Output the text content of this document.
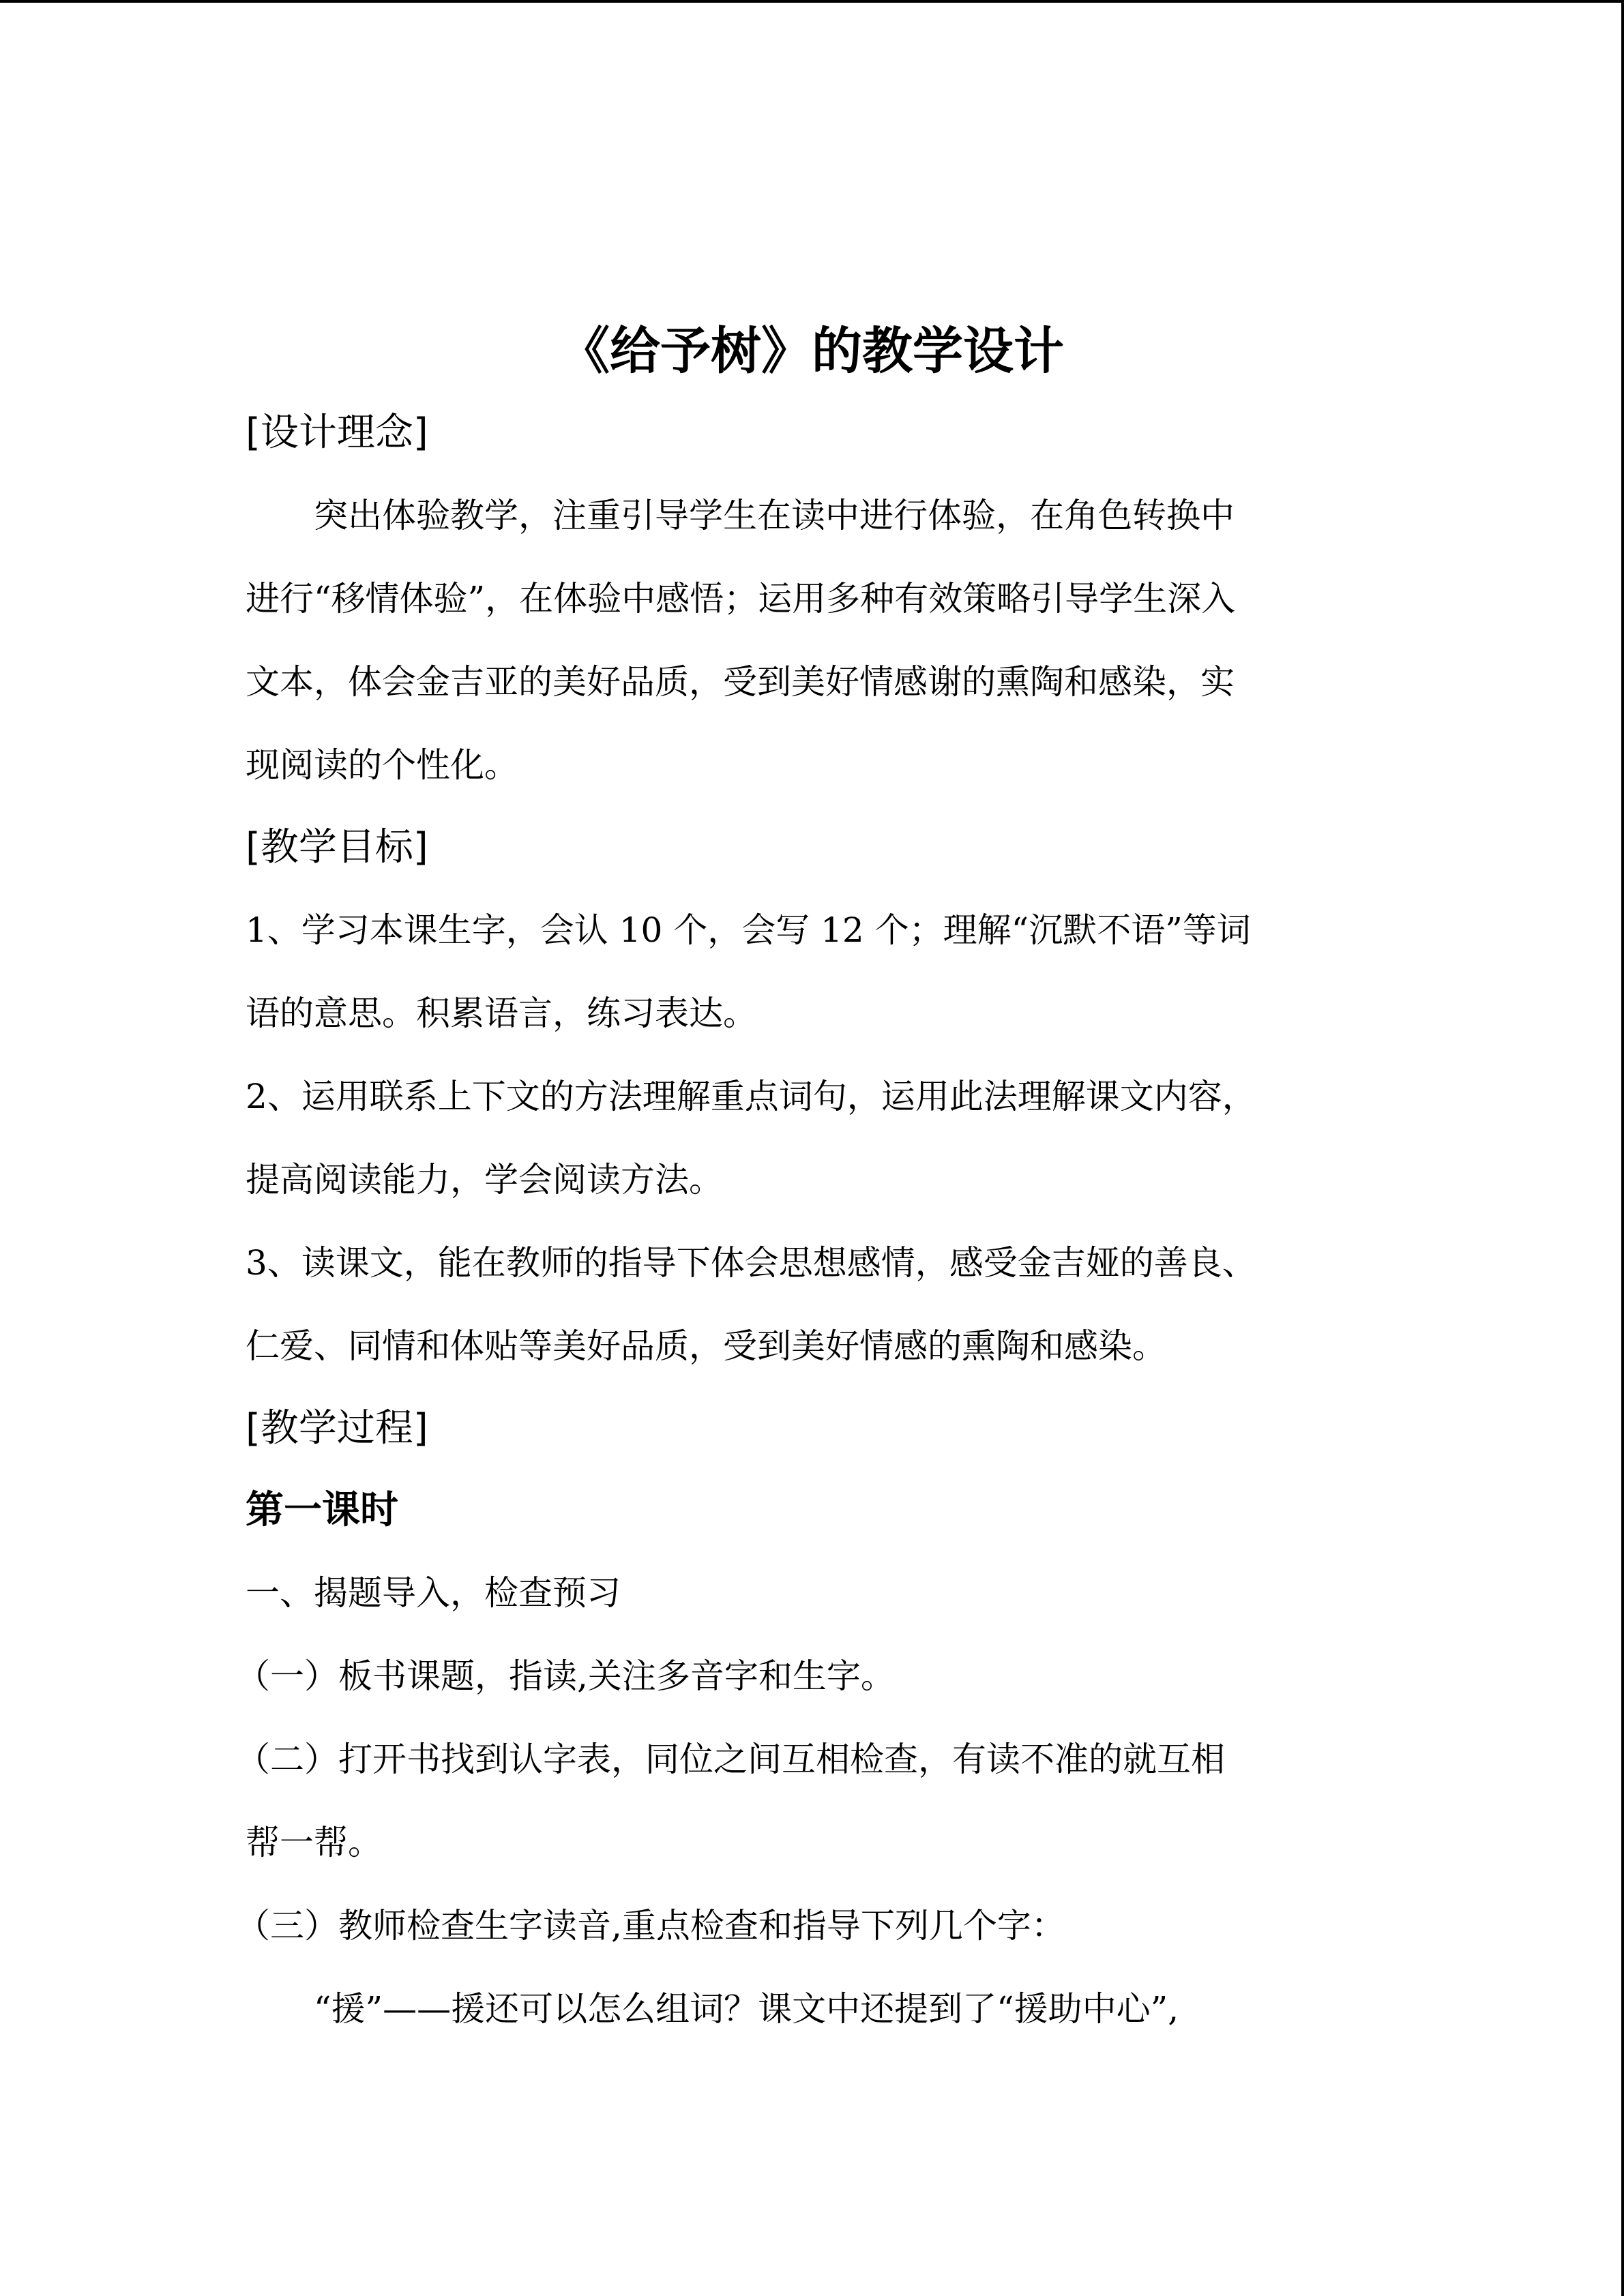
《给予树》的教学设计
[设计理念]
突出体验教学，注重引导学生在读中进行体验，在角色转换中
进行“移情体验”，在体验中感悟；运用多种有效策略引导学生深入
文本，体会金吉亚的美好品质，受到美好情感谢的熏陶和感染，实
现阅读的个性化。
[教学目标]
1、学习本课生字，会认 10 个，会写 12 个；理解“沉默不语”等词
语的意思。积累语言，练习表达。
2、运用联系上下文的方法理解重点词句，运用此法理解课文内容，
提高阅读能力，学会阅读方法。
3、读课文，能在教师的指导下体会思想感情，感受金吉娅的善良、
仁爱、同情和体贴等美好品质，受到美好情感的熏陶和感染。
[教学过程]
第一课时
一、揭题导入，检查预习
（一）板书课题，指读,关注多音字和生字。
（二）打开书找到认字表，同位之间互相检查，有读不准的就互相
帮一帮。
（三）教师检查生字读音,重点检查和指导下列几个字：
“援”——援还可以怎么组词？课文中还提到了“援助中心”,
